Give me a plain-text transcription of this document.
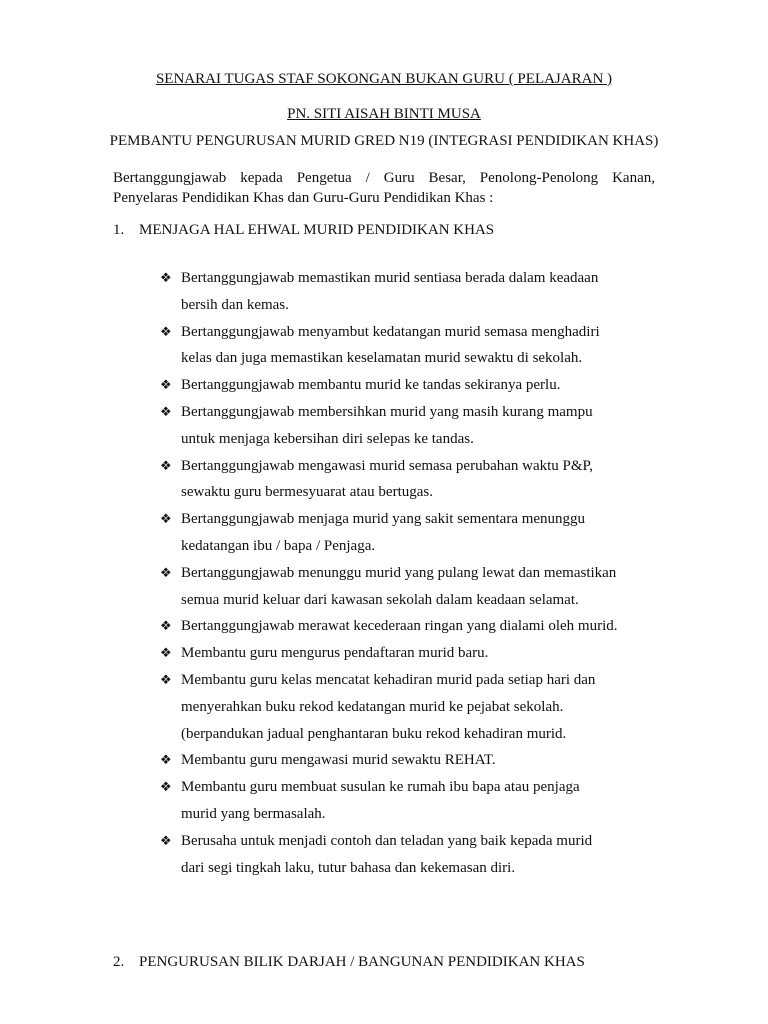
SENARAI TUGAS STAF SOKONGAN BUKAN GURU ( PELAJARAN )
PN. SITI AISAH BINTI MUSA
PEMBANTU PENGURUSAN MURID GRED N19 (INTEGRASI PENDIDIKAN KHAS)
Bertanggungjawab kepada Pengetua / Guru Besar, Penolong-Penolong Kanan,
Penyelaras Pendidikan Khas dan Guru-Guru Pendidikan Khas :
1. MENJAGA HAL EHWAL MURID PENDIDIKAN KHAS
❖ Bertanggungjawab memastikan murid sentiasa berada dalam keadaan
bersih dan kemas.
❖ Bertanggungjawab menyambut kedatangan murid semasa menghadiri
kelas dan juga memastikan keselamatan murid sewaktu di sekolah.
❖ Bertanggungjawab membantu murid ke tandas sekiranya perlu.
❖ Bertanggungjawab membersihkan murid yang masih kurang mampu
untuk menjaga kebersihan diri selepas ke tandas.
❖ Bertanggungjawab mengawasi murid semasa perubahan waktu P&P,
sewaktu guru bermesyuarat atau bertugas.
❖ Bertanggungjawab menjaga murid yang sakit sementara menunggu
kedatangan ibu / bapa / Penjaga.
❖ Bertanggungjawab menunggu murid yang pulang lewat dan memastikan
semua murid keluar dari kawasan sekolah dalam keadaan selamat.
❖ Bertanggungjawab merawat kecederaan ringan yang dialami oleh murid.
❖ Membantu guru mengurus pendaftaran murid baru.
❖ Membantu guru kelas mencatat kehadiran murid pada setiap hari dan
menyerahkan buku rekod kedatangan murid ke pejabat sekolah.
(berpandukan jadual penghantaran buku rekod kehadiran murid.
❖ Membantu guru mengawasi murid sewaktu REHAT.
❖ Membantu guru membuat susulan ke rumah ibu bapa atau penjaga
murid yang bermasalah.
❖ Berusaha untuk menjadi contoh dan teladan yang baik kepada murid
dari segi tingkah laku, tutur bahasa dan kekemasan diri.
2. PENGURUSAN BILIK DARJAH / BANGUNAN PENDIDIKAN KHAS
